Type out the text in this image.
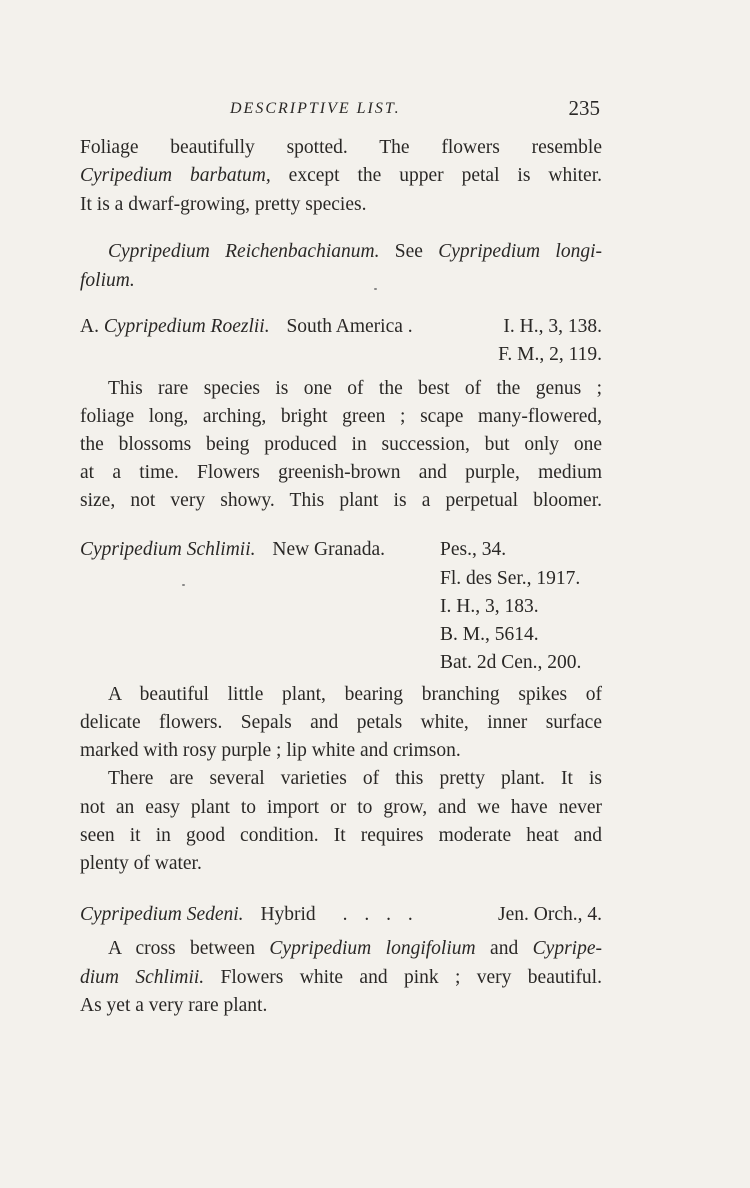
DESCRIPTIVE LIST.	235
Foliage beautifully spotted. The flowers resemble
Cyripedium barbatum, except the upper petal is whiter.
It is a dwarf-growing, pretty species.
Cypripedium Reichenbachianum. See Cypripedium longi-
folium.
A. Cypripedium Roezlii. South America .	I. H., 3, 138.
F. M., 2, 119.
This rare species is one of the best of the genus ;
foliage long, arching, bright green ; scape many-flowered,
the blossoms being produced in succession, but only one
at a time. Flowers greenish-brown and purple, medium
size, not very showy. This plant is a perpetual bloomer.
Cypripedium Schlimii. New Granada.	Pes., 34.
Fl. des Ser., 1917.
I. H., 3, 183.
B. M., 5614.
Bat. 2d Cen., 200.
A beautiful little plant, bearing branching spikes of
delicate flowers. Sepals and petals white, inner surface
marked with rosy purple ; lip white and crimson.
There are several varieties of this pretty plant. It is
not an easy plant to import or to grow, and we have never
seen it in good condition. It requires moderate heat and
plenty of water.
Cypripedium Sedeni. Hybrid . . . .	Jen. Orch., 4.
A cross between Cypripedium longifolium and Cypripe-
dium Schlimii. Flowers white and pink ; very beautiful.
As yet a very rare plant.
